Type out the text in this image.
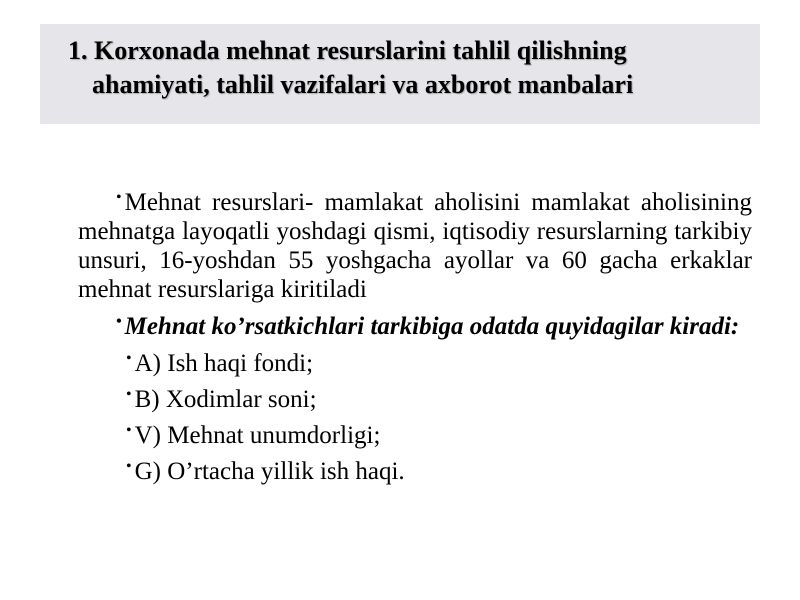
1. Korxonada mehnat resurslarini tahlil qilishning
ahamiyati, tahlil vazifalari va axborot manbalari

• Mehnat resurslari- mamlakat aholisini mamlakat aholisining mehnatga layoqatli yoshdagi qismi, iqtisodiy resurslarning tarkibiy unsuri, 16-yoshdan 55 yoshgacha ayollar va 60 gacha erkaklar mehnat resurslariga kiritiladi

• Mehnat ko’rsatkichlari tarkibiga odatda quyidagilar kiradi:

• A) Ish haqi fondi;
• B) Xodimlar soni;
• V) Mehnat unumdorligi;
• G) O’rtacha yillik ish haqi.
